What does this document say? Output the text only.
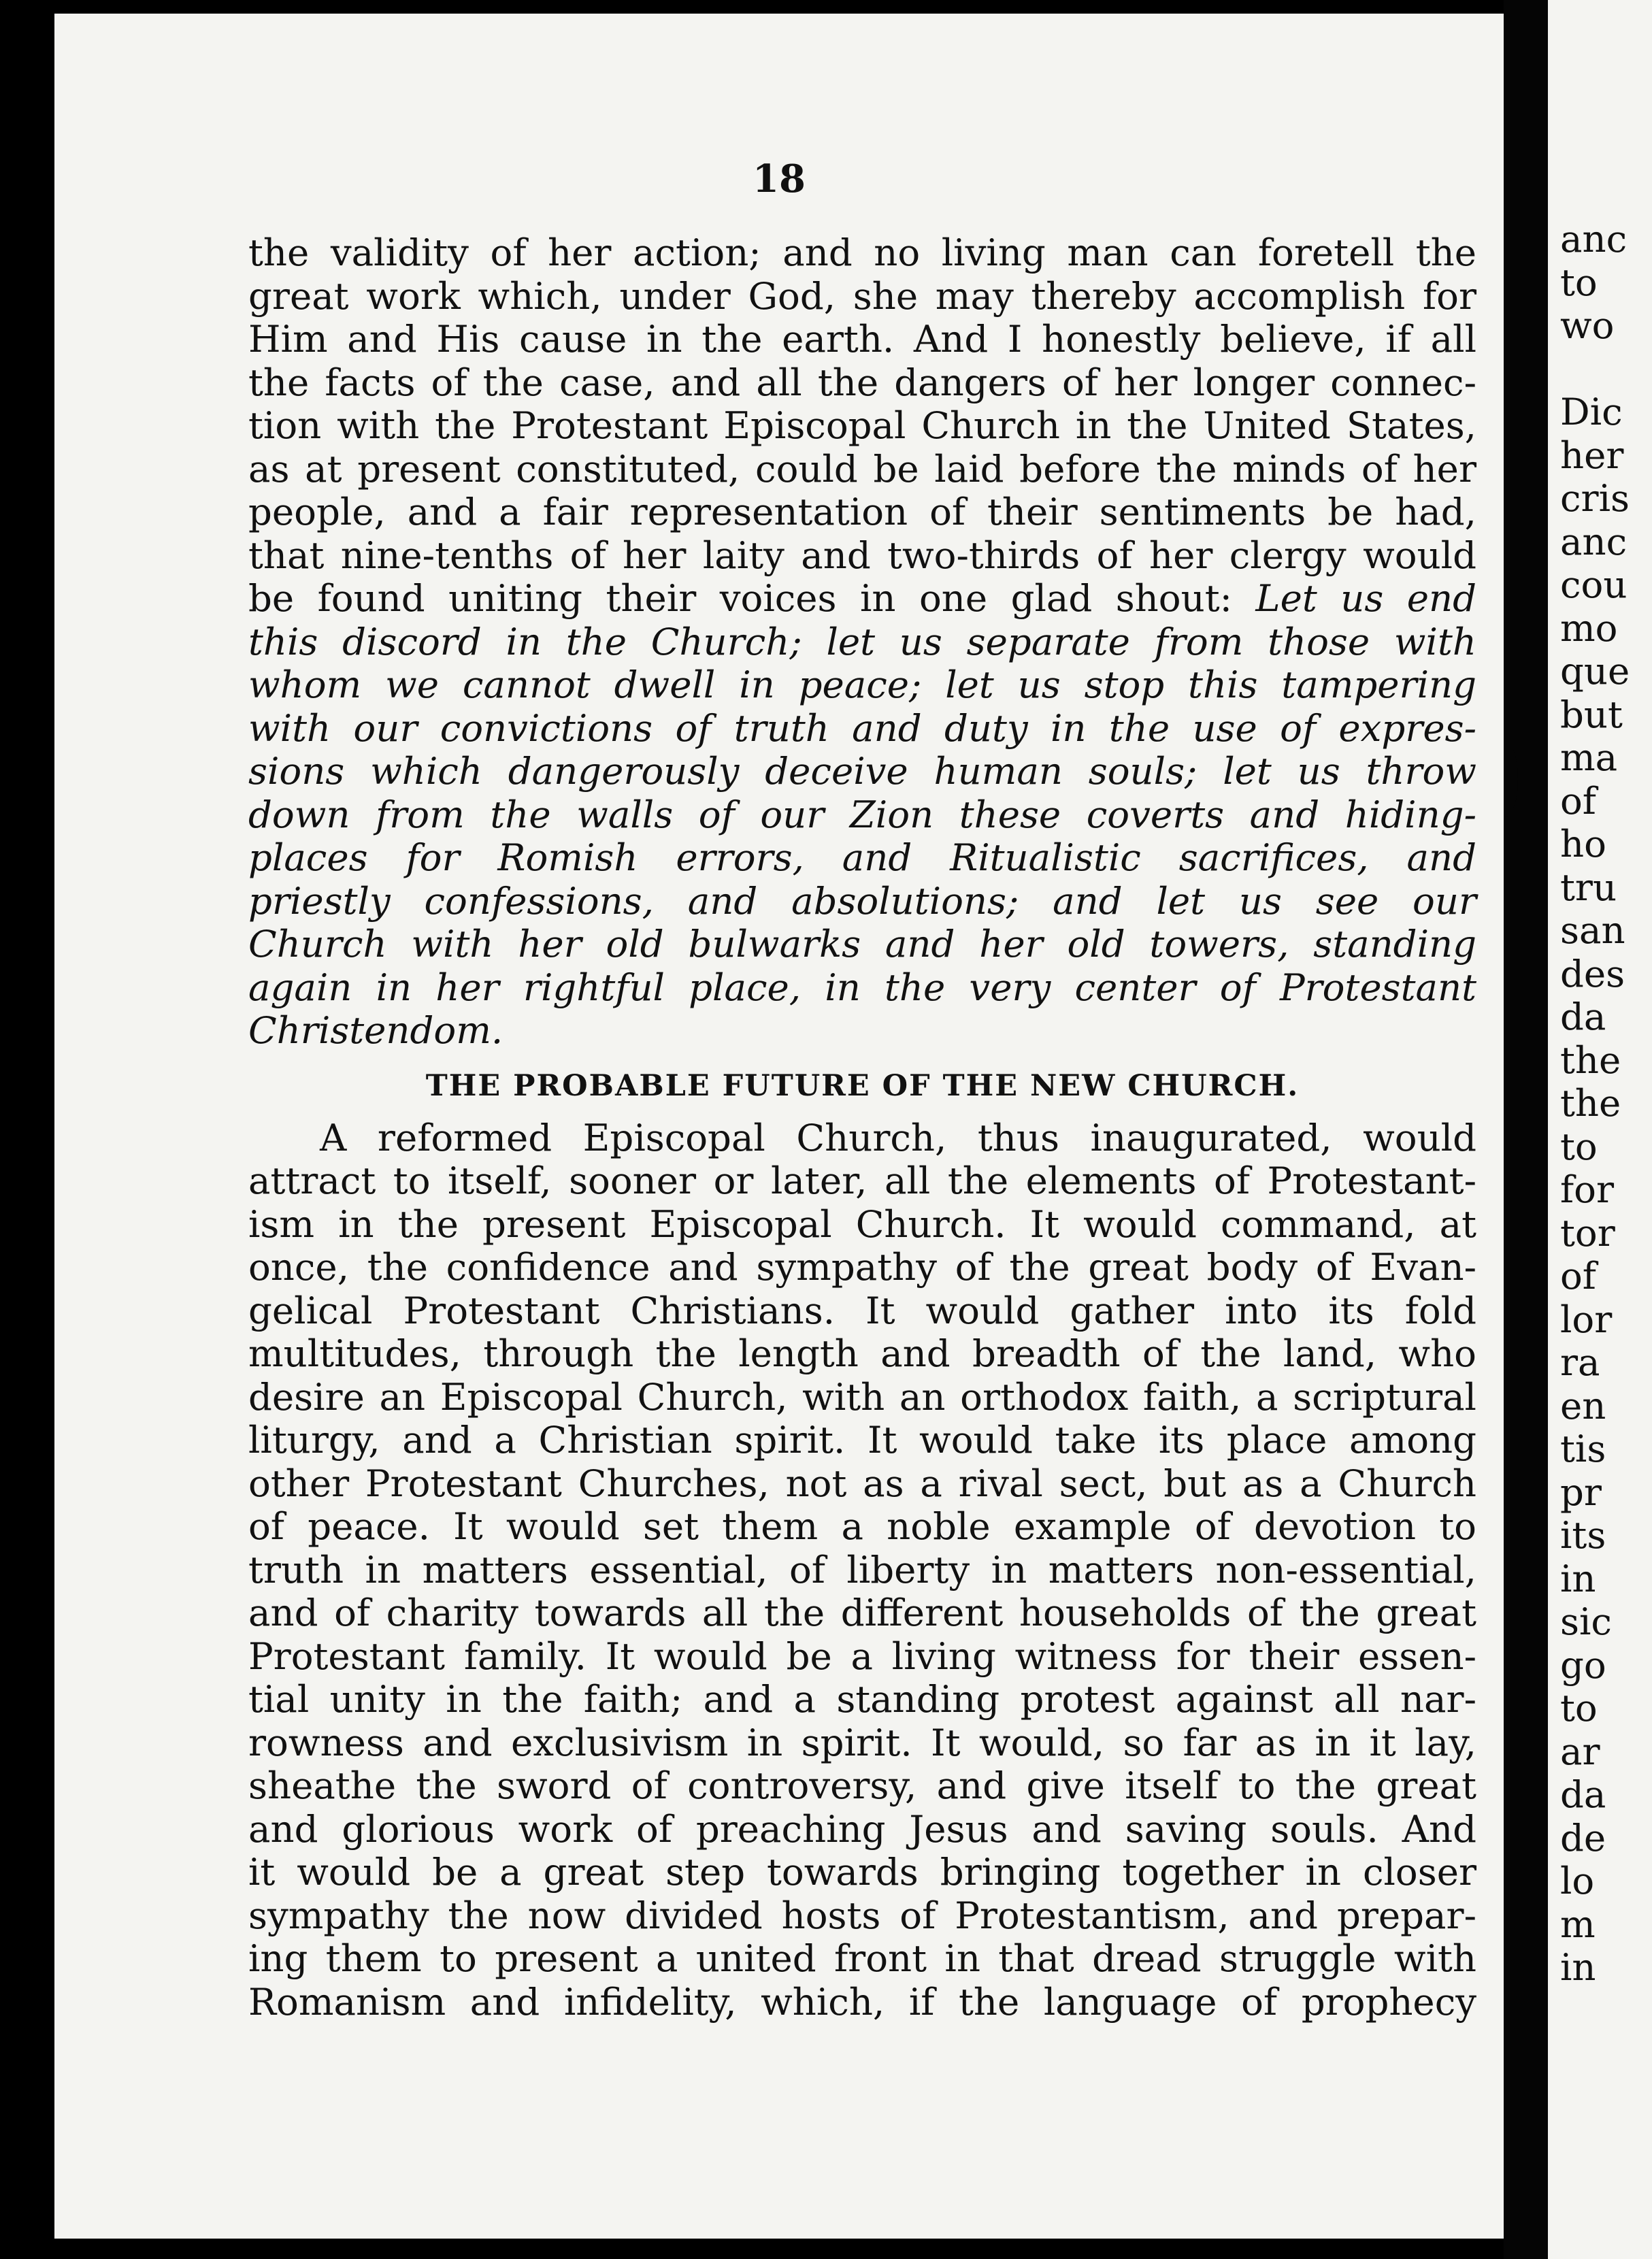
18
the validity of her action; and no living man can foretell the
great work which, under God, she may thereby accomplish for
Him and His cause in the earth. And I honestly believe, if all
the facts of the case, and all the dangers of her longer connec-
tion with the Protestant Episcopal Church in the United States,
as at present constituted, could be laid before the minds of her
people, and a fair representation of their sentiments be had,
that nine-tenths of her laity and two-thirds of her clergy would
be found uniting their voices in one glad shout: Let us end
this discord in the Church; let us separate from those with
whom we cannot dwell in peace; let us stop this tampering
with our convictions of truth and duty in the use of expres-
sions which dangerously deceive human souls; let us throw
down from the walls of our Zion these coverts and hiding-
places for Romish errors, and Ritualistic sacrifices, and
priestly confessions, and absolutions; and let us see our
Church with her old bulwarks and her old towers, standing
again in her rightful place, in the very center of Protestant
Christendom.
THE PROBABLE FUTURE OF THE NEW CHURCH.
A reformed Episcopal Church, thus inaugurated, would
attract to itself, sooner or later, all the elements of Protestant-
ism in the present Episcopal Church. It would command, at
once, the confidence and sympathy of the great body of Evan-
gelical Protestant Christians. It would gather into its fold
multitudes, through the length and breadth of the land, who
desire an Episcopal Church, with an orthodox faith, a scriptural
liturgy, and a Christian spirit. It would take its place among
other Protestant Churches, not as a rival sect, but as a Church
of peace. It would set them a noble example of devotion to
truth in matters essential, of liberty in matters non-essential,
and of charity towards all the different households of the great
Protestant family. It would be a living witness for their essen-
tial unity in the faith; and a standing protest against all nar-
rowness and exclusivism in spirit. It would, so far as in it lay,
sheathe the sword of controversy, and give itself to the great
and glorious work of preaching Jesus and saving souls. And
it would be a great step towards bringing together in closer
sympathy the now divided hosts of Protestantism, and prepar-
ing them to present a united front in that dread struggle with
Romanism and infidelity, which, if the language of prophecy
anc
to
wo
Dic
her
cris
anc
cou
mo
que
but
ma
of
ho
tru
san
des
da
the
the
to
for
tor
of
lor
ra
en
tis
pr
its
in
sic
go
to
ar
da
de
lo
m
in
